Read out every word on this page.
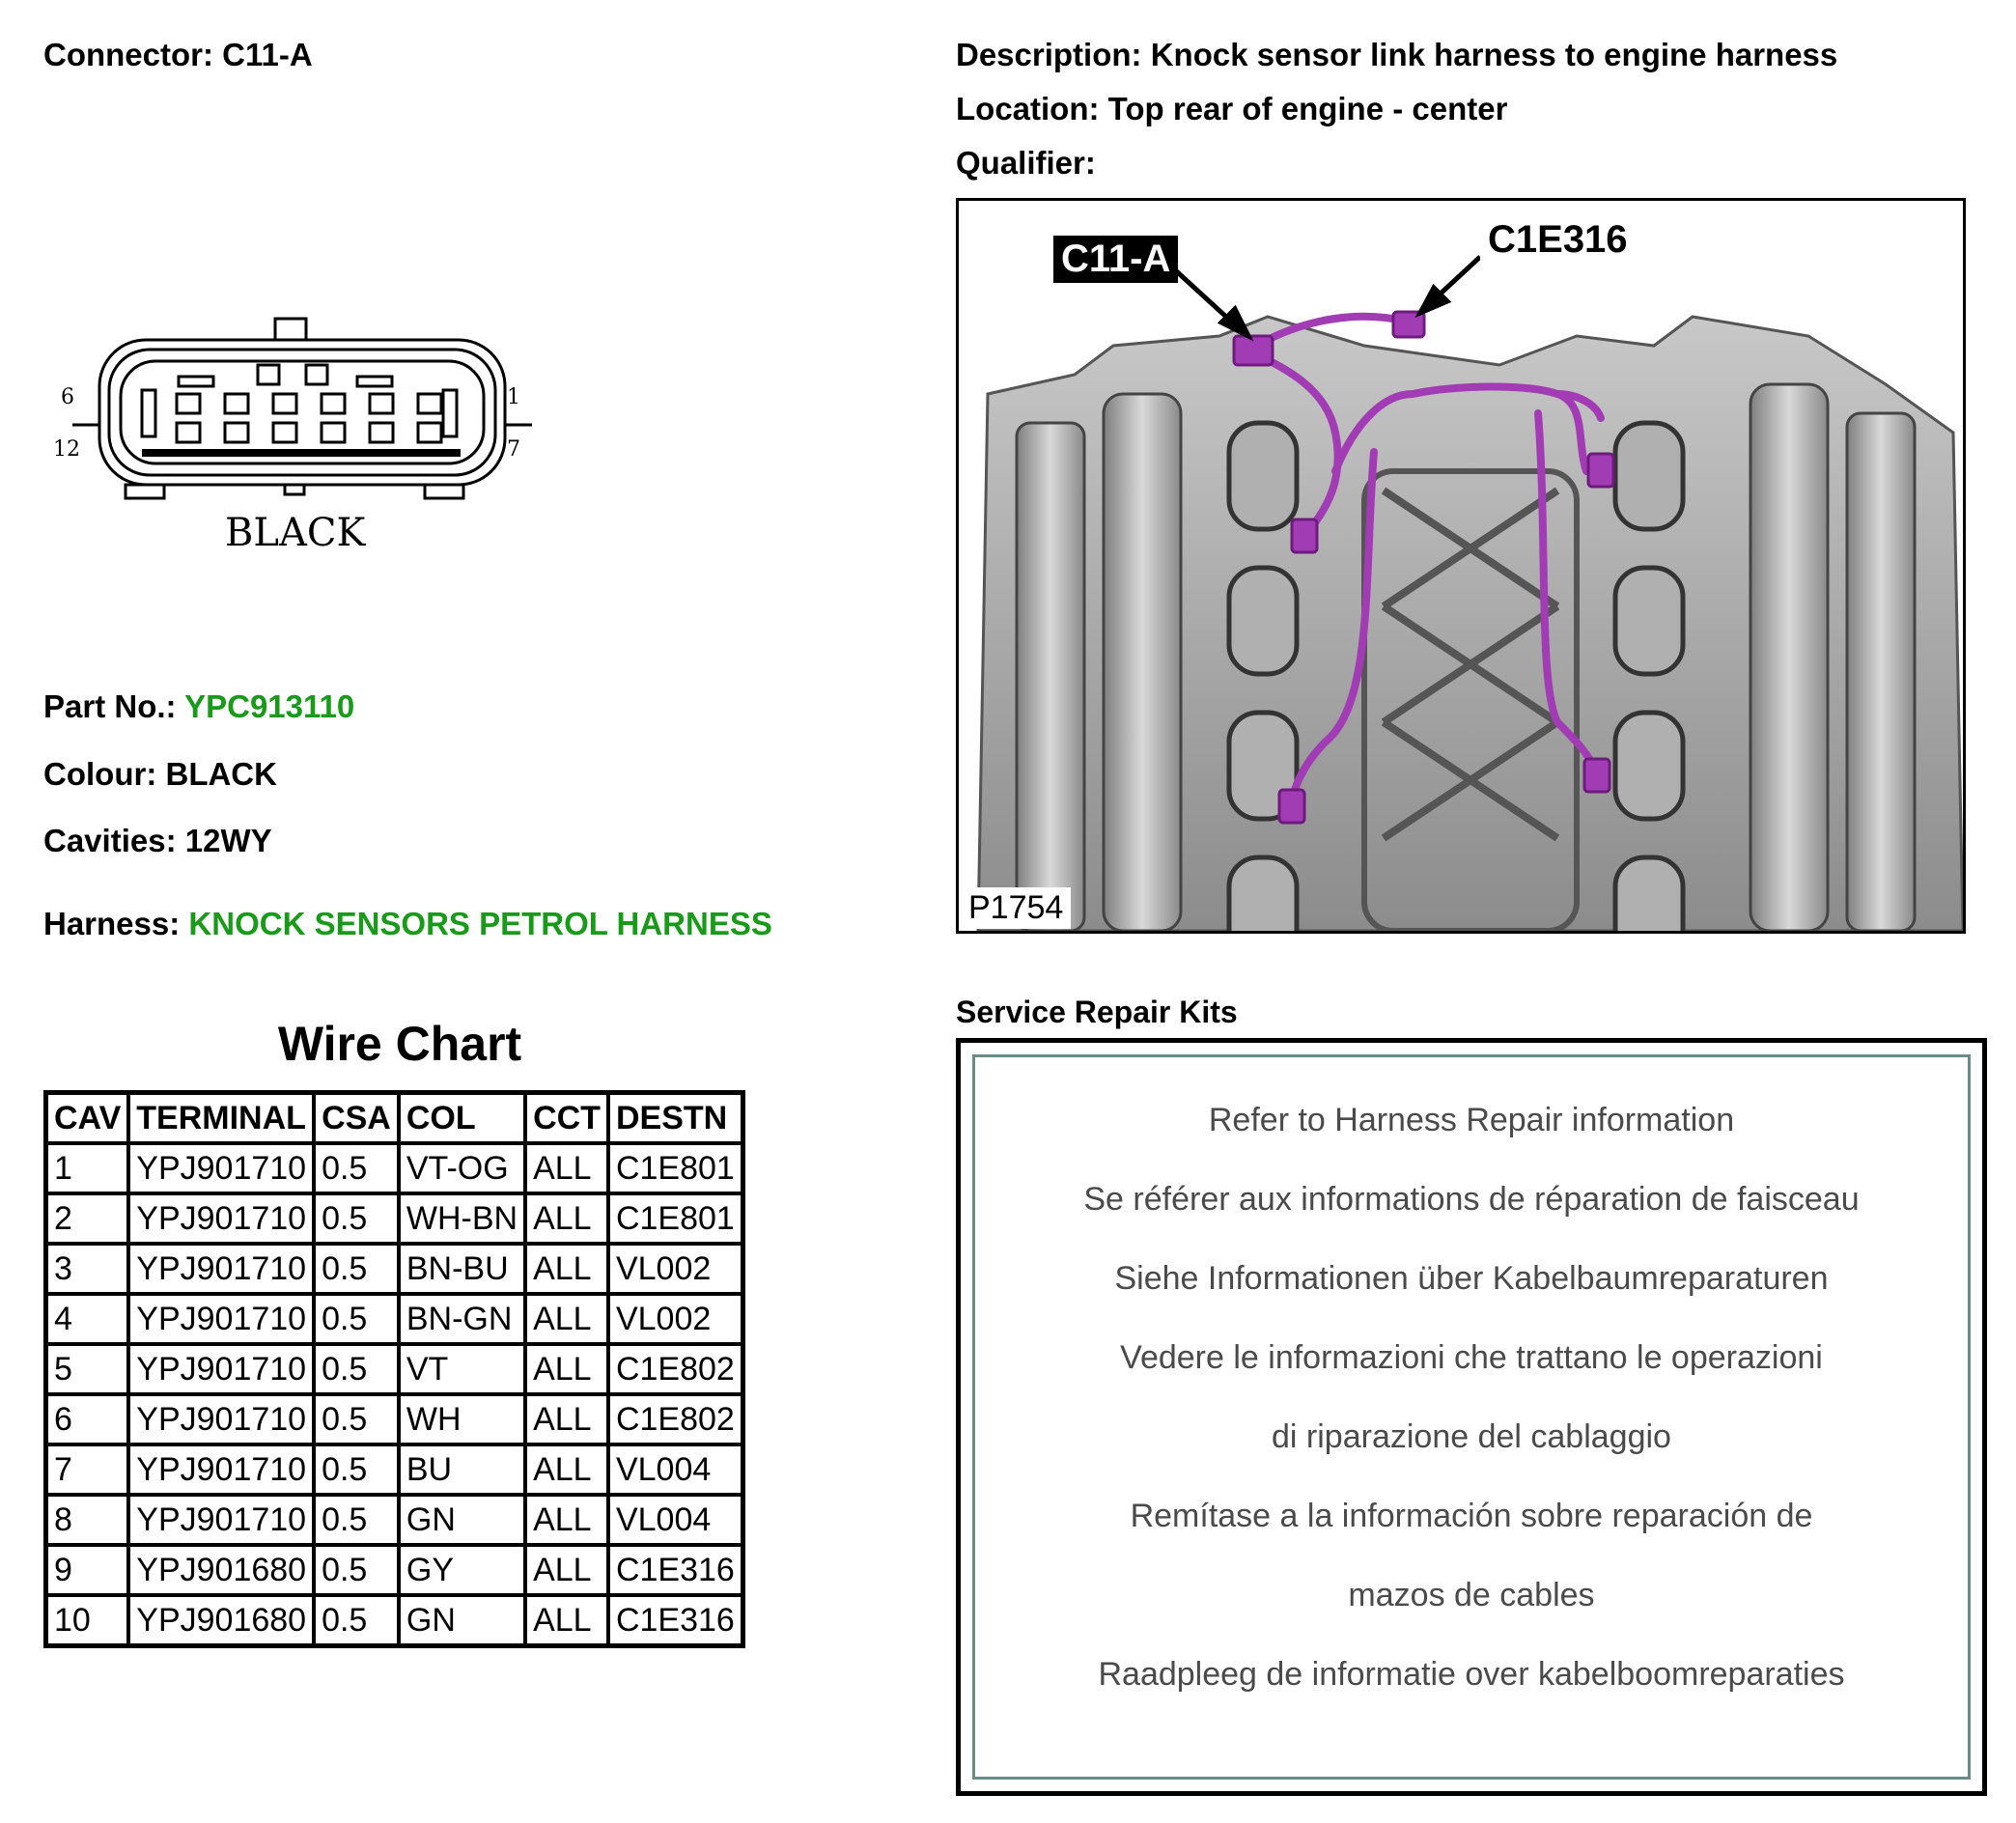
Connector: C11-A
6
12
1
7
BLACK
Part No.: YPC913110
Colour: BLACK
Cavities: 12WY
Harness: KNOCK SENSORS PETROL HARNESS
Wire Chart
CAV	TERMINAL	CSA	COL	CCT	DESTN
1	YPJ901710	0.5	VT-OG	ALL	C1E801
2	YPJ901710	0.5	WH-BN	ALL	C1E801
3	YPJ901710	0.5	BN-BU	ALL	VL002
4	YPJ901710	0.5	BN-GN	ALL	VL002
5	YPJ901710	0.5	VT	ALL	C1E802
6	YPJ901710	0.5	WH	ALL	C1E802
7	YPJ901710	0.5	BU	ALL	VL004
8	YPJ901710	0.5	GN	ALL	VL004
9	YPJ901680	0.5	GY	ALL	C1E316
10	YPJ901680	0.5	GN	ALL	C1E316
Description: Knock sensor link harness to engine harness
Location: Top rear of engine - center
Qualifier:
C11-A	C1E316
P1754
Service Repair Kits
Refer to Harness Repair information
Se référer aux informations de réparation de faisceau
Siehe Informationen über Kabelbaumreparaturen
Vedere le informazioni che trattano le operazioni
di riparazione del cablaggio
Remítase a la información sobre reparación de
mazos de cables
Raadpleeg de informatie over kabelboomreparaties
